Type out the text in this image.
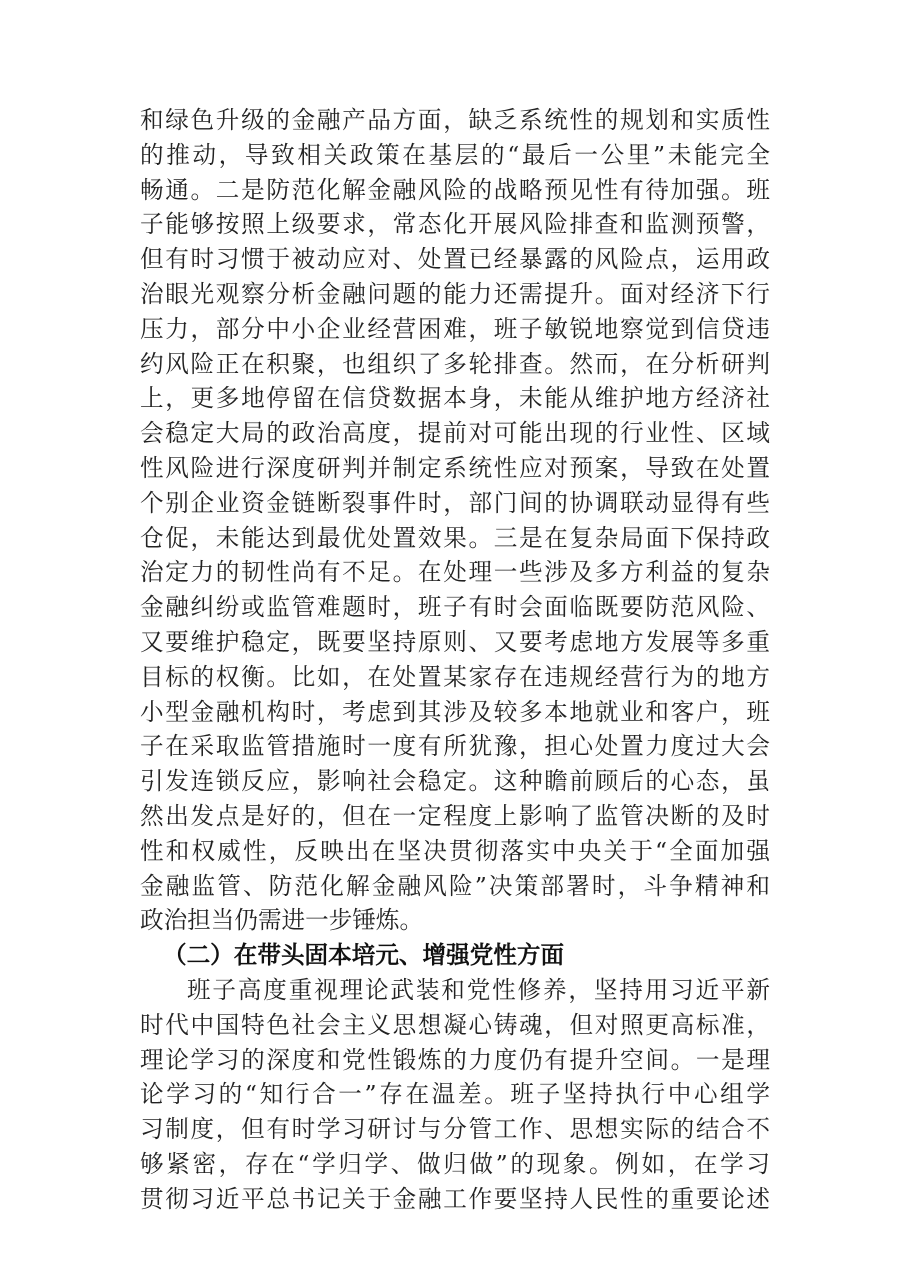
和绿色升级的金融产品方面，缺乏系统性的规划和实质性
的推动，导致相关政策在基层的“最后一公里”未能完全
畅通。二是防范化解金融风险的战略预见性有待加强。班
子能够按照上级要求，常态化开展风险排查和监测预警，
但有时习惯于被动应对、处置已经暴露的风险点，运用政
治眼光观察分析金融问题的能力还需提升。面对经济下行
压力，部分中小企业经营困难，班子敏锐地察觉到信贷违
约风险正在积聚，也组织了多轮排查。然而，在分析研判
上，更多地停留在信贷数据本身，未能从维护地方经济社
会稳定大局的政治高度，提前对可能出现的行业性、区域
性风险进行深度研判并制定系统性应对预案，导致在处置
个别企业资金链断裂事件时，部门间的协调联动显得有些
仓促，未能达到最优处置效果。三是在复杂局面下保持政
治定力的韧性尚有不足。在处理一些涉及多方利益的复杂
金融纠纷或监管难题时，班子有时会面临既要防范风险、
又要维护稳定，既要坚持原则、又要考虑地方发展等多重
目标的权衡。比如，在处置某家存在违规经营行为的地方
小型金融机构时，考虑到其涉及较多本地就业和客户，班
子在采取监管措施时一度有所犹豫，担心处置力度过大会
引发连锁反应，影响社会稳定。这种瞻前顾后的心态，虽
然出发点是好的，但在一定程度上影响了监管决断的及时
性和权威性，反映出在坚决贯彻落实中央关于“全面加强
金融监管、防范化解金融风险”决策部署时，斗争精神和
政治担当仍需进一步锤炼。
（二）在带头固本培元、增强党性方面
班子高度重视理论武装和党性修养，坚持用习近平新
时代中国特色社会主义思想凝心铸魂，但对照更高标准，
理论学习的深度和党性锻炼的力度仍有提升空间。一是理
论学习的“知行合一”存在温差。班子坚持执行中心组学
习制度，但有时学习研讨与分管工作、思想实际的结合不
够紧密，存在“学归学、做归做”的现象。例如，在学习
贯彻习近平总书记关于金融工作要坚持人民性的重要论述
